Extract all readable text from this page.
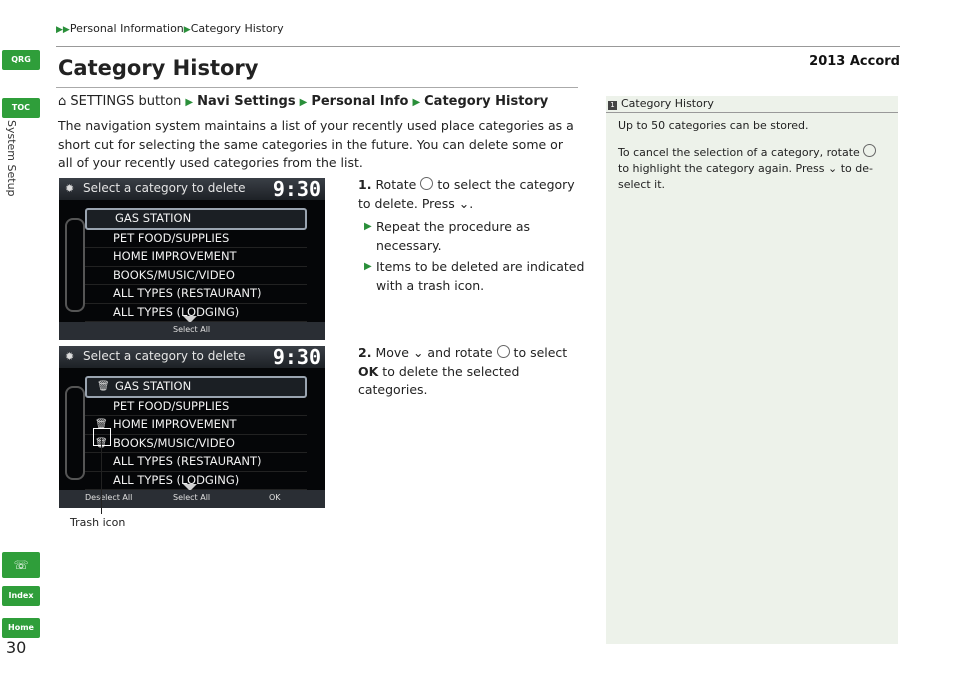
QRG
TOC
System Setup
☏
Index
Home
30
▶▶Personal Information▶Category History
2013 Accord
Category History
⌂ SETTINGS button ▶ Navi Settings ▶ Personal Info ▶ Category History
The navigation system maintains a list of your recently used place categories as a short cut for selecting the same categories in the future. You can delete some or all of your recently used categories from the list.
✹ Select a category to delete 9:30
GAS STATION
PET FOOD/SUPPLIES
HOME IMPROVEMENT
BOOKS/MUSIC/VIDEO
ALL TYPES (RESTAURANT)
ALL TYPES (LODGING)
Select All
✹ Select a category to delete 9:30
🗑 GAS STATION
PET FOOD/SUPPLIES
🗑 HOME IMPROVEMENT
🗑 BOOKS/MUSIC/VIDEO
ALL TYPES (RESTAURANT)
ALL TYPES (LODGING)
Deselect All	Select All	OK
Trash icon
1. Rotate to select the category to delete. Press ⌄.
▶ Repeat the procedure as necessary.
▶ Items to be deleted are indicated with a trash icon.
2. Move ⌄ and rotate to select OK to delete the selected categories.

Up to 50 categories can be stored.

To cancel the selection of a category, rotate  to highlight the category again. Press ⌄ to de-select it.

1 Category History
